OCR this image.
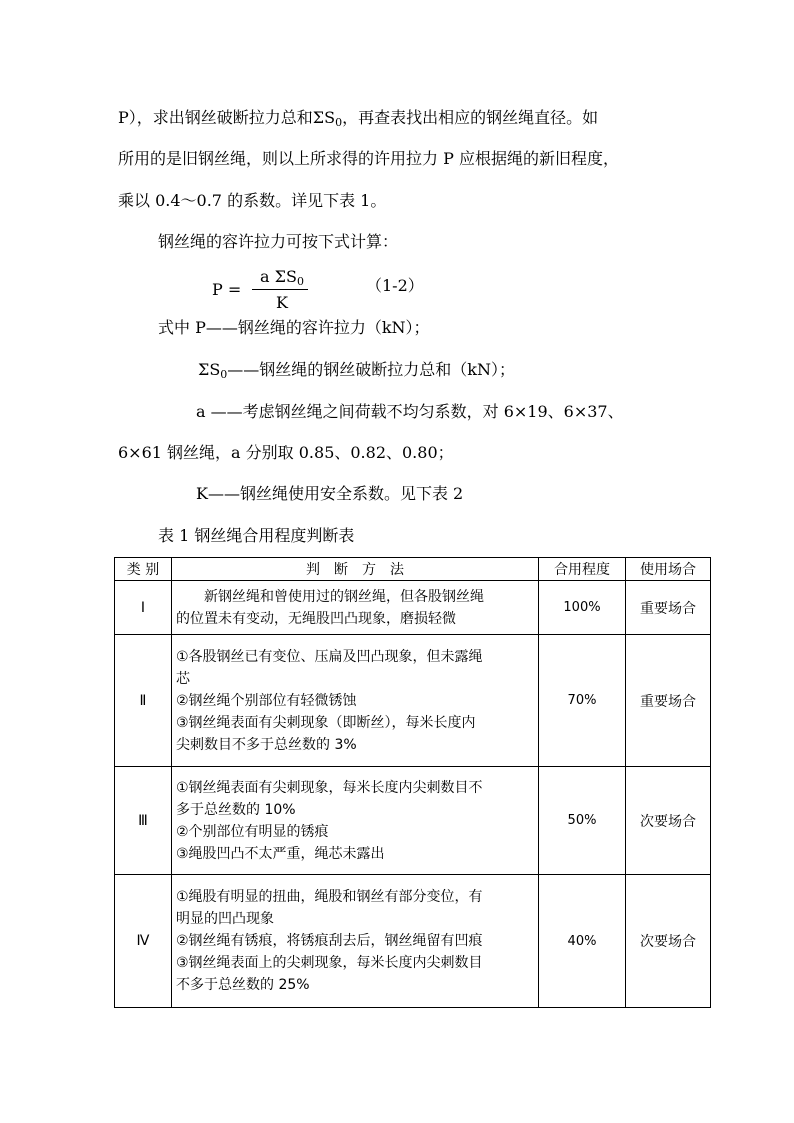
P），求出钢丝破断拉力总和$\Sigma S_0$，再查表找出相应的钢丝绳直径。如
所用的是旧钢丝绳，则以上所求得的许用拉力 P 应根据绳的新旧程度，
乘以 0.4～0.7 的系数。详见下表 1。
钢丝绳的容许拉力可按下式计算：
P =
a $\Sigma S_0$
K
（1-2）
式中 P——钢丝绳的容许拉力（kN）；
$\Sigma S_0——$钢丝绳的钢丝破断拉力总和（kN）；
a ——考虑钢丝绳之间荷载不均匀系数，对 6×19、6×37、
6×61 钢丝绳，a 分别取 0.85、0.82、0.80；
K——钢丝绳使用安全系数。见下表 2
表 1 钢丝绳合用程度判断表
类 别	判　断　方　法	合用程度	使用场合
Ⅰ	新钢丝绳和曾使用过的钢丝绳，但各股钢丝绳
的位置未有变动，无绳股凹凸现象，磨损轻微	100%	重要场合
Ⅱ	①各股钢丝已有变位、压扁及凹凸现象，但未露绳
芯
②钢丝绳个别部位有轻微锈蚀
③钢丝绳表面有尖刺现象（即断丝），每米长度内
尖刺数目不多于总丝数的 3%	70%	重要场合
Ⅲ	①钢丝绳表面有尖刺现象，每米长度内尖刺数目不
多于总丝数的 10%
②个别部位有明显的锈痕
③绳股凹凸不太严重，绳芯未露出	50%	次要场合
Ⅳ	①绳股有明显的扭曲，绳股和钢丝有部分变位，有
明显的凹凸现象
②钢丝绳有锈痕，将锈痕刮去后，钢丝绳留有凹痕
③钢丝绳表面上的尖刺现象，每米长度内尖刺数目
不多于总丝数的 25%	40%	次要场合
